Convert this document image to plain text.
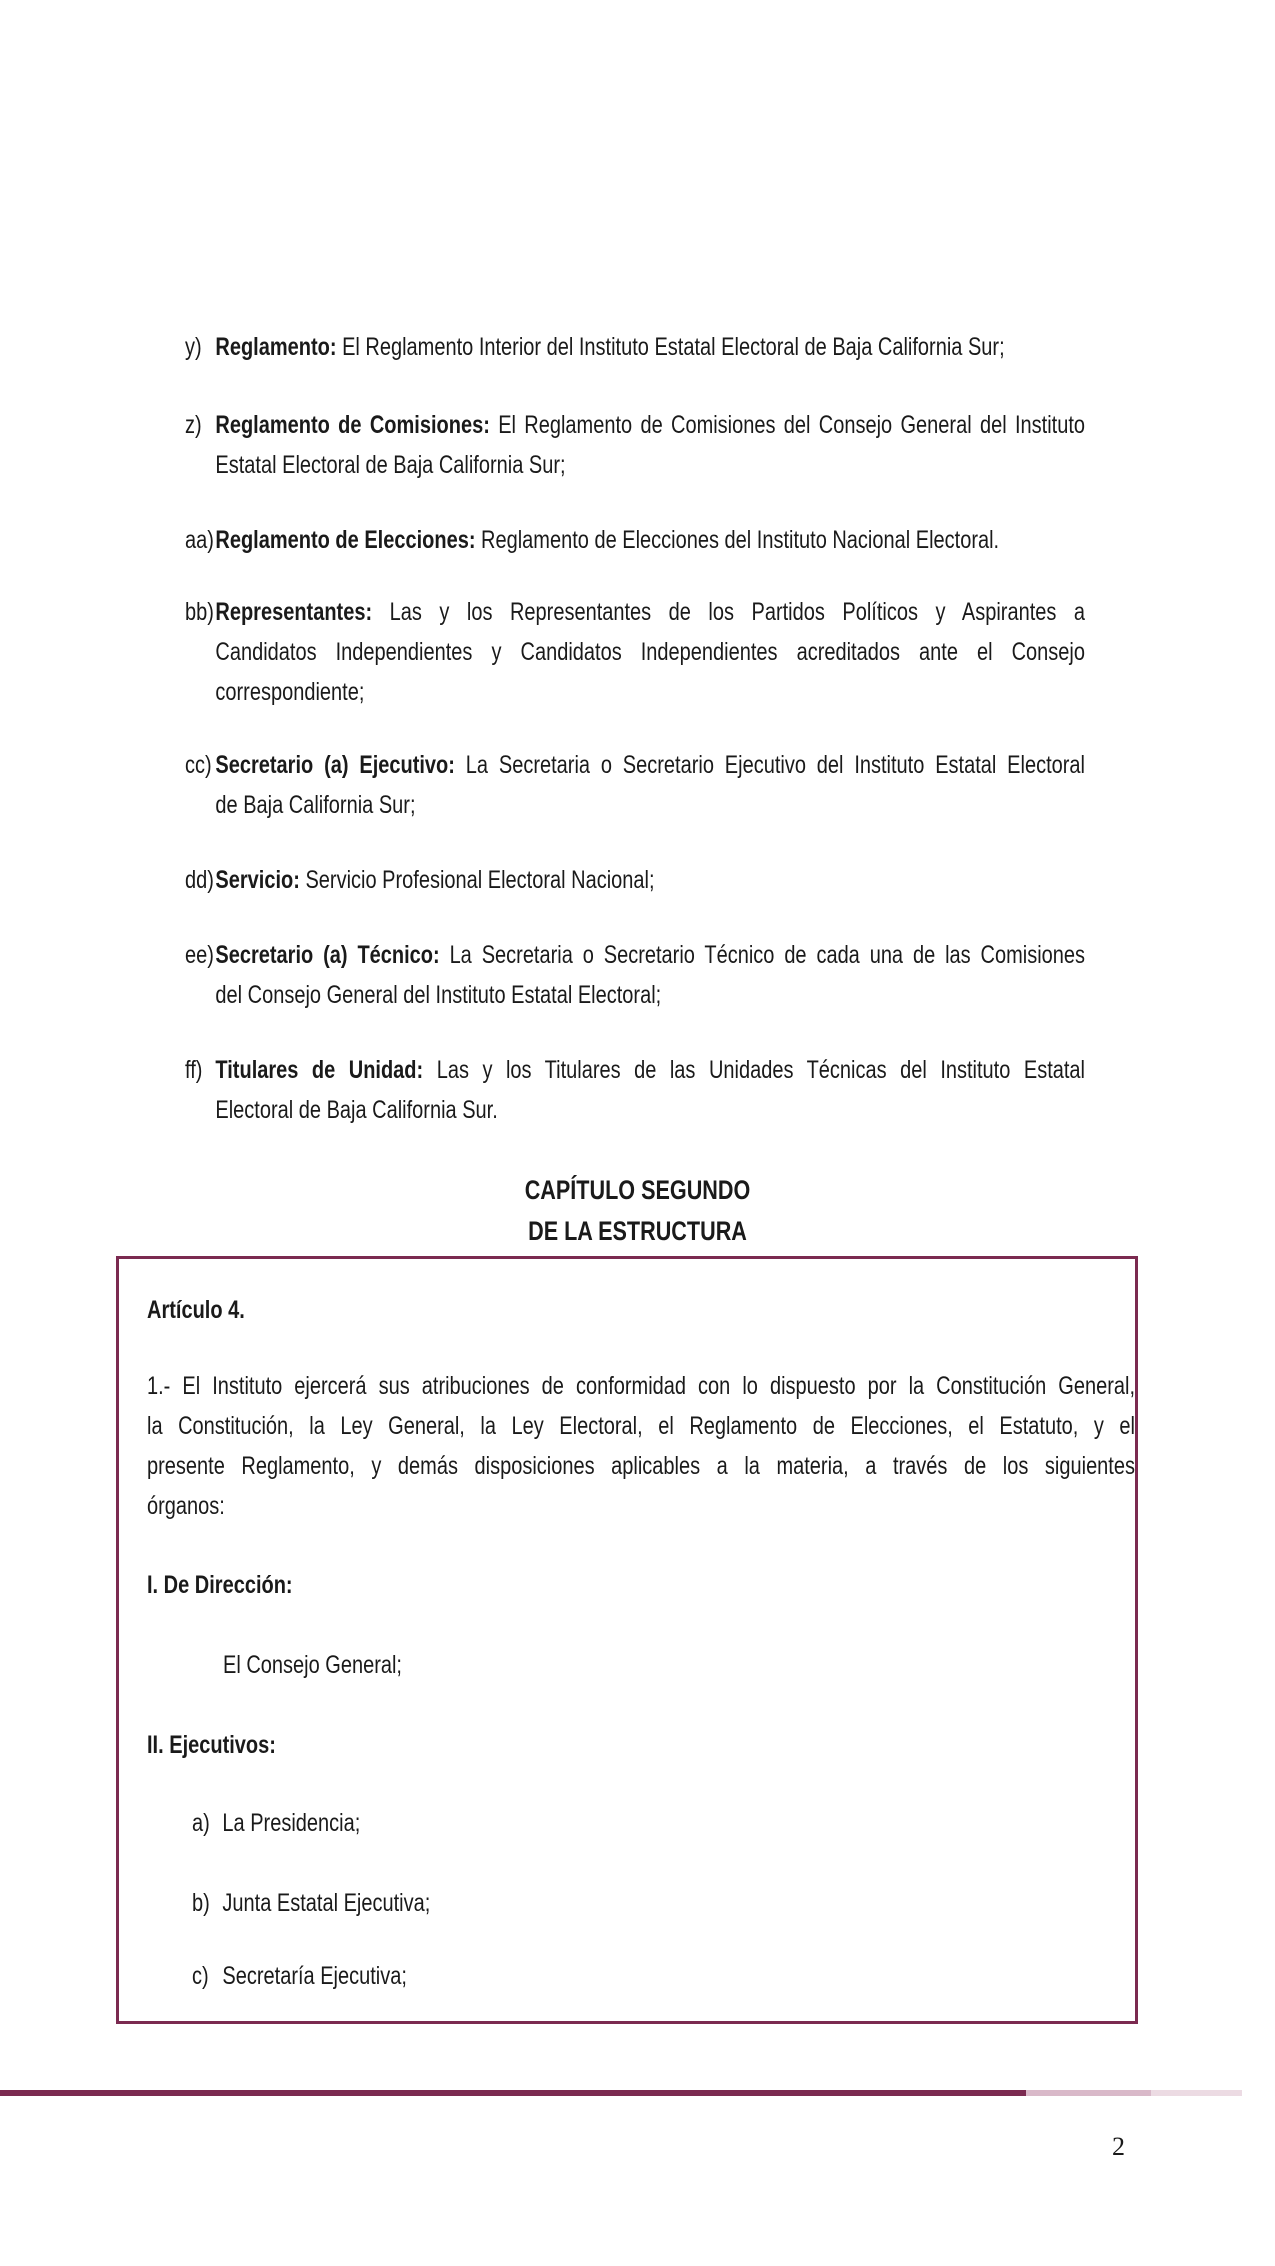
y) Reglamento: El Reglamento Interior del Instituto Estatal Electoral de Baja California Sur;
z) Reglamento de Comisiones: El Reglamento de Comisiones del Consejo General del Instituto
Estatal Electoral de Baja California Sur;
aa) Reglamento de Elecciones: Reglamento de Elecciones del Instituto Nacional Electoral.
bb) Representantes: Las y los Representantes de los Partidos Políticos y Aspirantes a
Candidatos Independientes y Candidatos Independientes acreditados ante el Consejo
correspondiente;
cc) Secretario (a) Ejecutivo: La Secretaria o Secretario Ejecutivo del Instituto Estatal Electoral
de Baja California Sur;
dd) Servicio: Servicio Profesional Electoral Nacional;
ee) Secretario (a) Técnico: La Secretaria o Secretario Técnico de cada una de las Comisiones
del Consejo General del Instituto Estatal Electoral;
ff) Titulares de Unidad: Las y los Titulares de las Unidades Técnicas del Instituto Estatal
Electoral de Baja California Sur.
CAPÍTULO SEGUNDO
DE LA ESTRUCTURA
Artículo 4.
1.- El Instituto ejercerá sus atribuciones de conformidad con lo dispuesto por la Constitución General,
la Constitución, la Ley General, la Ley Electoral, el Reglamento de Elecciones, el Estatuto, y el
presente Reglamento, y demás disposiciones aplicables a la materia, a través de los siguientes
órganos:
I. De Dirección:
El Consejo General;
II. Ejecutivos:
a) La Presidencia;
b) Junta Estatal Ejecutiva;
c) Secretaría Ejecutiva;
2
